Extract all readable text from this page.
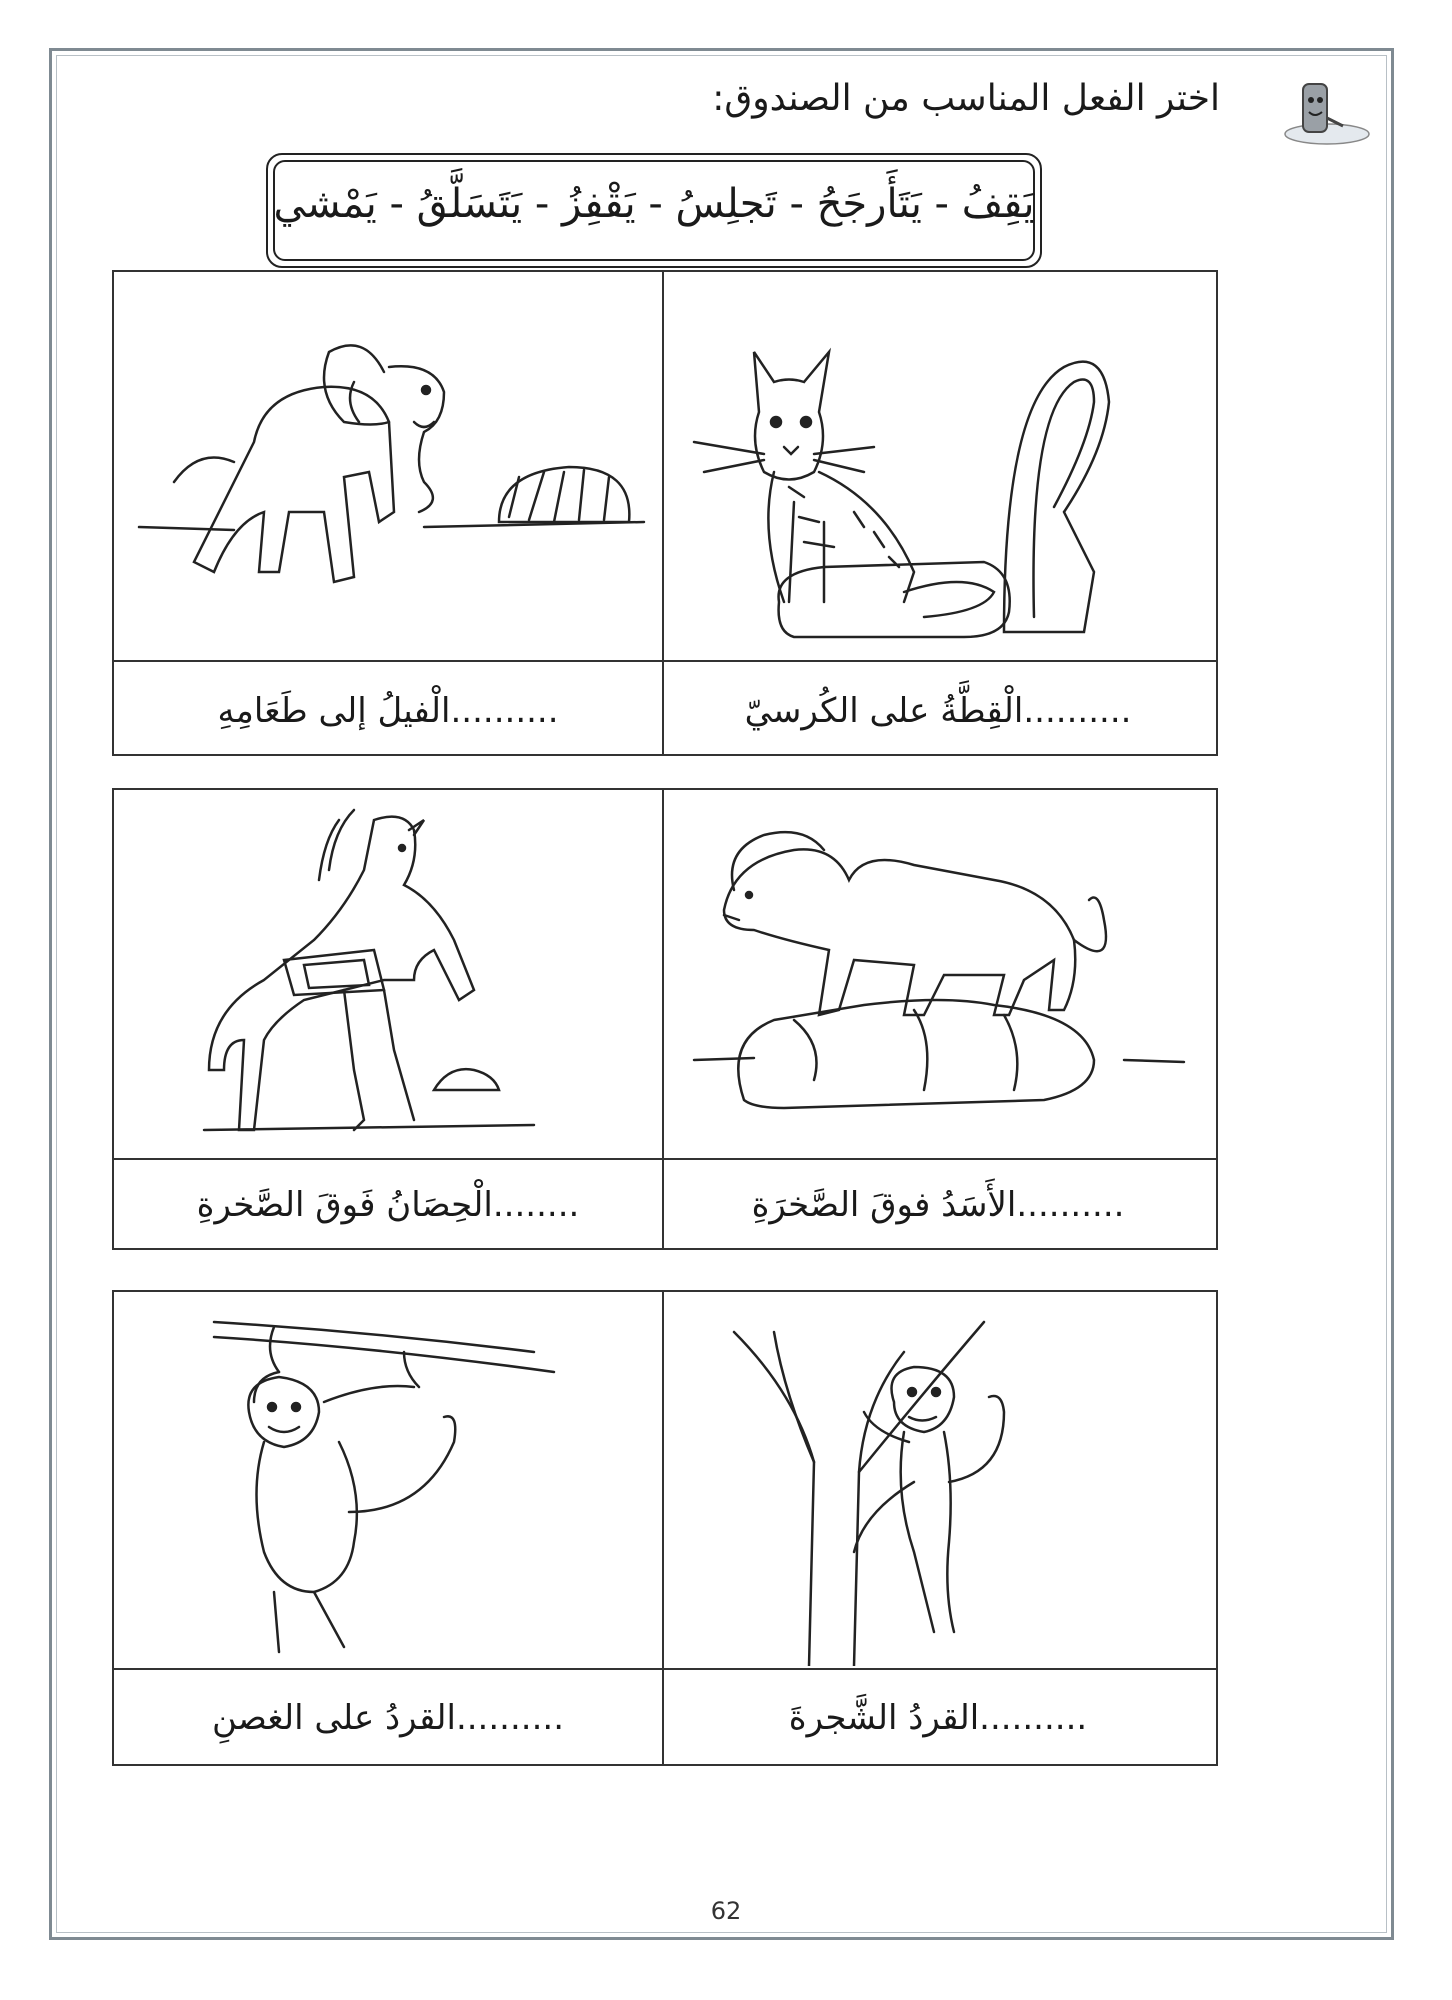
اختر الفعل المناسب من الصندوق:
يَقِفُ - يَتَأَرجَحُ - تَجلِسُ - يَقْفِزُ - يَتَسَلَّقُ - يَمْشي
..........الْقِطَّةُ على الكُرسيّ
..........الْفيلُ إلى طَعَامِهِ
..........الأَسَدُ فوقَ الصَّخرَةِ
........الْحِصَانُ فَوقَ الصَّخرةِ
..........القردُ الشَّجرةَ
..........القردُ على الغصنِ
62
